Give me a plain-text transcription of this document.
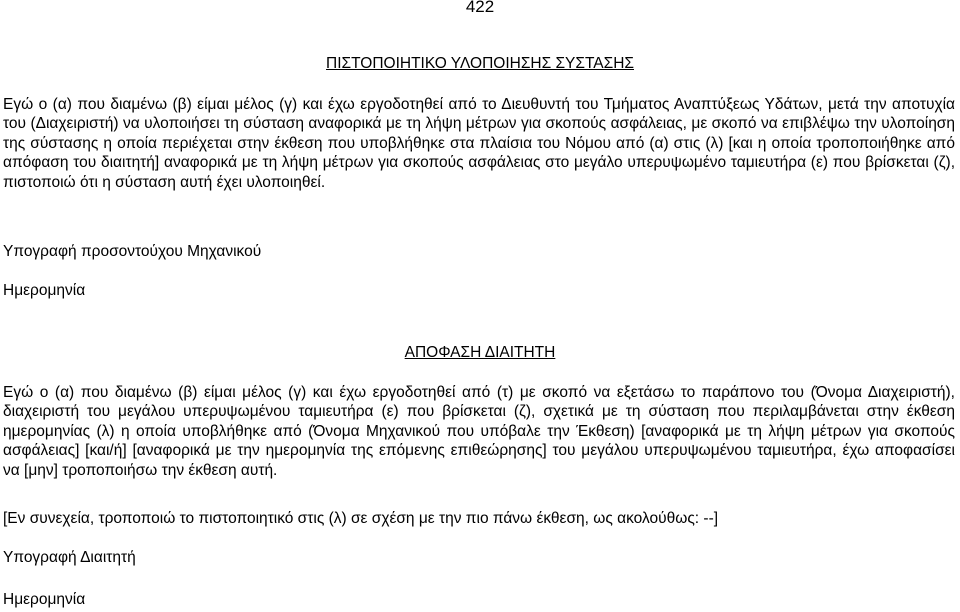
422
ΠΙΣΤΟΠΟΙΗΤΙΚΟ ΥΛΟΠΟΙΗΣΗΣ ΣΥΣΤΑΣΗΣ

Εγώ ο (α) που διαμένω (β) είμαι μέλος (γ) και έχω εργοδοτηθεί από το Διευθυντή του Τμήματος Αναπτύξεως Υδάτων, μετά την αποτυχία του (Διαχειριστή) να υλοποιήσει τη σύσταση αναφορικά με τη λήψη μέτρων για σκοπούς ασφάλειας, με σκοπό να επιβλέψω την υλοποίηση της σύστασης η οποία περιέχεται στην έκθεση που υποβλήθηκε στα πλαίσια του Νόμου από (α) στις (λ) [και η οποία τροποποιήθηκε από απόφαση του διαιτητή] αναφορικά με τη λήψη μέτρων για σκοπούς ασφάλειας στο μεγάλο υπερυψωμένο ταμιευτήρα (ε) που βρίσκεται (ζ), πιστοποιώ ότι η σύσταση αυτή έχει υλοποιηθεί.

Υπογραφή προσοντούχου Μηχανικού
Ημερομηνία
ΑΠΟΦΑΣΗ ΔΙΑΙΤΗΤΗ

Εγώ ο (α) που διαμένω (β) είμαι μέλος (γ) και έχω εργοδοτηθεί από (τ) με σκοπό να εξετάσω το παράπονο του (Όνομα Διαχειριστή), διαχειριστή του μεγάλου υπερυψωμένου ταμιευτήρα (ε) που βρίσκεται (ζ), σχετικά με τη σύσταση που περιλαμβάνεται στην έκθεση ημερομηνίας (λ) η οποία υποβλήθηκε από (Όνομα Μηχανικού που υπόβαλε την Έκθεση) [αναφορικά με τη λήψη μέτρων για σκοπούς ασφάλειας] [και/ή] [αναφορικά με την ημερομηνία της επόμενης επιθεώρησης] του μεγάλου υπερυψωμένου ταμιευτήρα, έχω αποφασίσει να [μην] τροποποιήσω την έκθεση αυτή.

[Εν συνεχεία, τροποποιώ το πιστοποιητικό στις (λ) σε σχέση με την πιο πάνω έκθεση, ως ακολούθως: --]
Υπογραφή Διαιτητή
Ημερομηνία
